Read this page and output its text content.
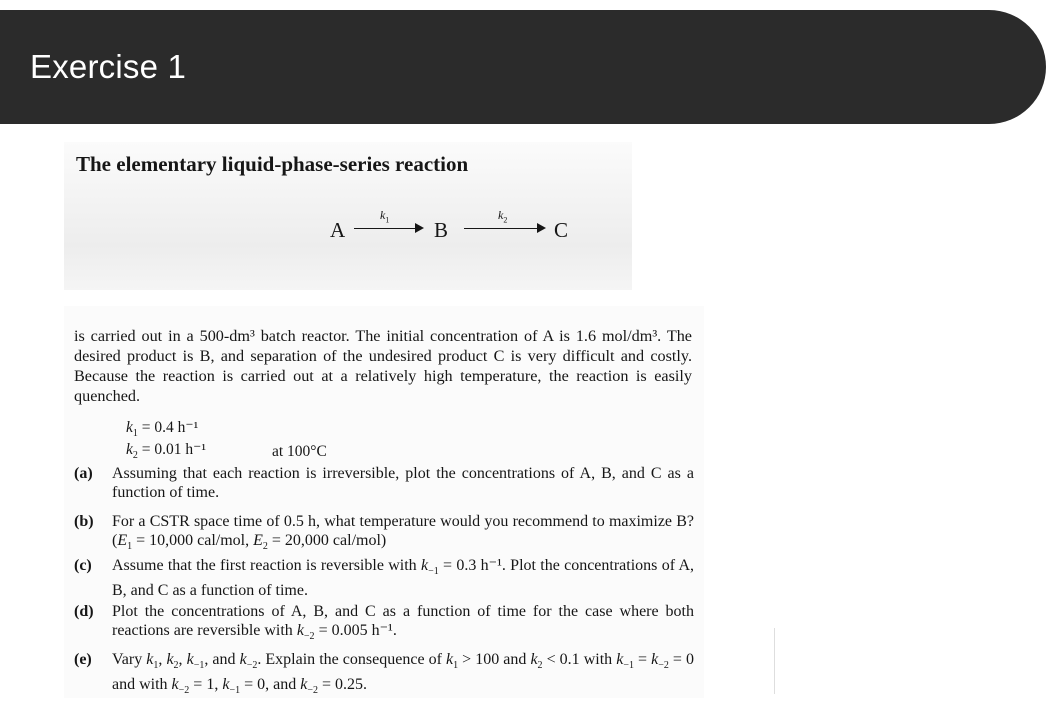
Exercise 1
The elementary liquid-phase-series reaction
A
$k_1$ B
$k_2$ C
is carried out in a 500-dm³ batch reactor. The initial concentration of A is 1.6 mol/dm³. The desired product is B, and separation of the undesired product C is very difficult and costly. Because the reaction is carried out at a relatively high temperature, the reaction is easily quenched.
$k_1 = 0.4$ h⁻¹
$k_2 = 0.01$ h⁻¹	at 100°C
(a) Assuming that each reaction is irreversible, plot the concentrations of A, B, and C as a function of time.
(b) For a CSTR space time of 0.5 h, what temperature would you recommend to maximize B? ($E_1 = 10,000$ cal/mol, $E_2 = 20,000$ cal/mol)
(c) Assume that the first reaction is reversible with $k_{-1} = 0.3$ h⁻¹. Plot the concentrations of A, B, and C as a function of time.
(d) Plot the concentrations of A, B, and C as a function of time for the case where both reactions are reversible with $k_{-2} = 0.005$ h⁻¹.
(e) Vary $k_1$, $k_2$, $k_{-1}$, and $k_{-2}$. Explain the consequence of $k_1 > 100$ and $k_2 < 0.1$ with $k_{-1} = k_{-2} = 0$ and with $k_{-2} = 1$, $k_{-1} = 0$, and $k_{-2} = 0.25$.
